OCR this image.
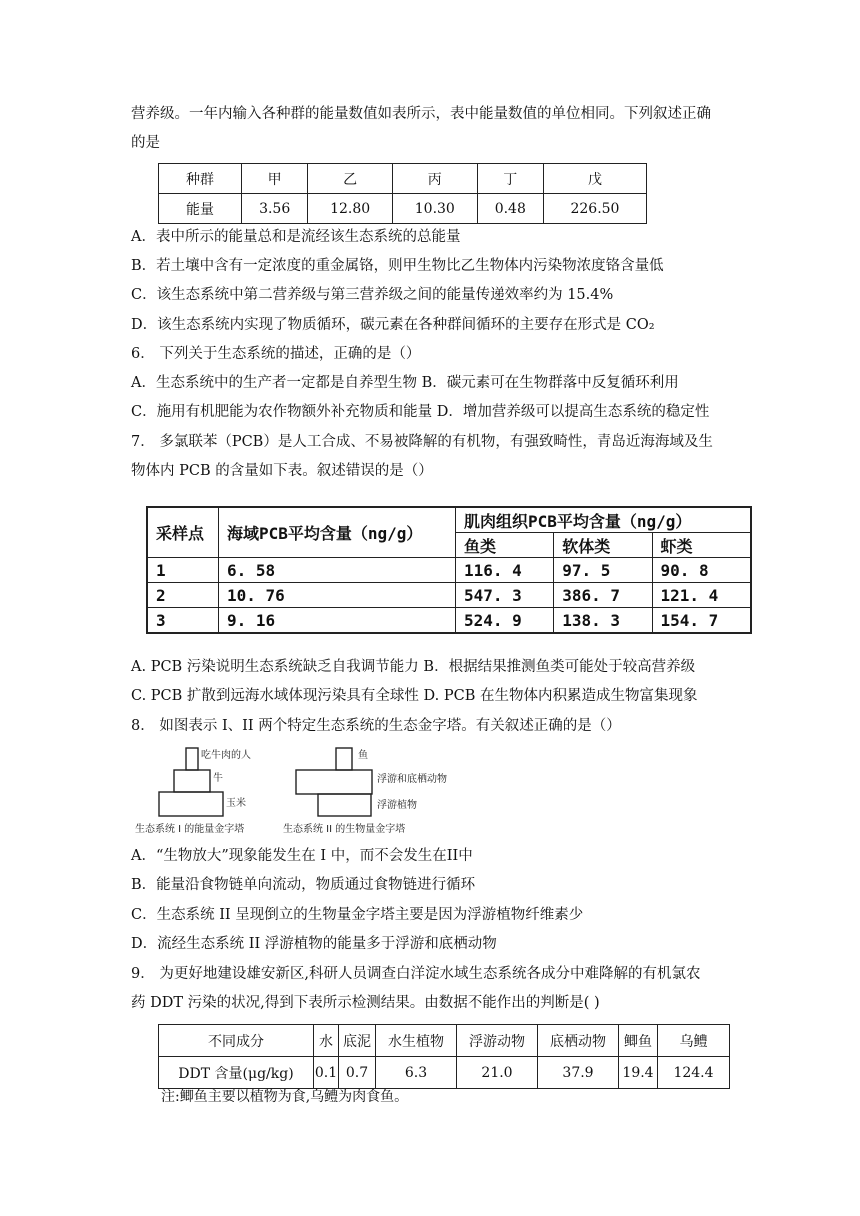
营养级。一年内输入各种群的能量数值如表所示，表中能量数值的单位相同。下列叙述正确
的是
种群	甲	乙	丙	丁	戊
能量	3.56	12.80	10.30	0.48	226.50
A．表中所示的能量总和是流经该生态系统的总能量
B．若土壤中含有一定浓度的重金属铬，则甲生物比乙生物体内污染物浓度铬含量低
C．该生态系统中第二营养级与第三营养级之间的能量传递效率约为 15.4%
D．该生态系统内实现了物质循环，碳元素在各种群间循环的主要存在形式是 CO₂
6． 下列关于生态系统的描述，正确的是（）
A．生态系统中的生产者一定都是自养型生物 B．碳元素可在生物群落中反复循环利用
C．施用有机肥能为农作物额外补充物质和能量 D．增加营养级可以提高生态系统的稳定性
7． 多氯联苯（PCB）是人工合成、不易被降解的有机物，有强致畸性，青岛近海海域及生
物体内 PCB 的含量如下表。叙述错误的是（）
采样点	海域PCB平均含量（ng/g）	肌肉组织PCB平均含量（ng/g）		
		鱼类	软体类	虾类
1	6. 58	116. 4	97. 5	90. 8
2	10. 76	547. 3	386. 7	121. 4
3	9. 16	524. 9	138. 3	154. 7
A. PCB 污染说明生态系统缺乏自我调节能力 B．根据结果推测鱼类可能处于较高营养级
C. PCB 扩散到远海水域体现污染具有全球性 D. PCB 在生物体内积累造成生物富集现象
8． 如图表示 I、II 两个特定生态系统的生态金字塔。有关叙述正确的是（）
吃牛肉的人
牛
玉米
生态系统 I 的能量金字塔
鱼
浮游和底栖动物
浮游植物
生态系统 II 的生物量金字塔
A．“生物放大”现象能发生在 I 中，而不会发生在II中
B．能量沿食物链单向流动，物质通过食物链进行循环
C．生态系统 II 呈现倒立的生物量金字塔主要是因为浮游植物纤维素少
D．流经生态系统 II 浮游植物的能量多于浮游和底栖动物
9． 为更好地建设雄安新区,科研人员调查白洋淀水域生态系统各成分中难降解的有机氯农
药 DDT 污染的状况,得到下表所示检测结果。由数据不能作出的判断是( )
不同成分	水	底泥	水生植物	浮游动物	底栖动物	鲫鱼	乌鳢
DDT 含量(μg/kg)	0.1	0.7	6.3	21.0	37.9	19.4	124.4
注:鲫鱼主要以植物为食,乌鳢为肉食鱼。
